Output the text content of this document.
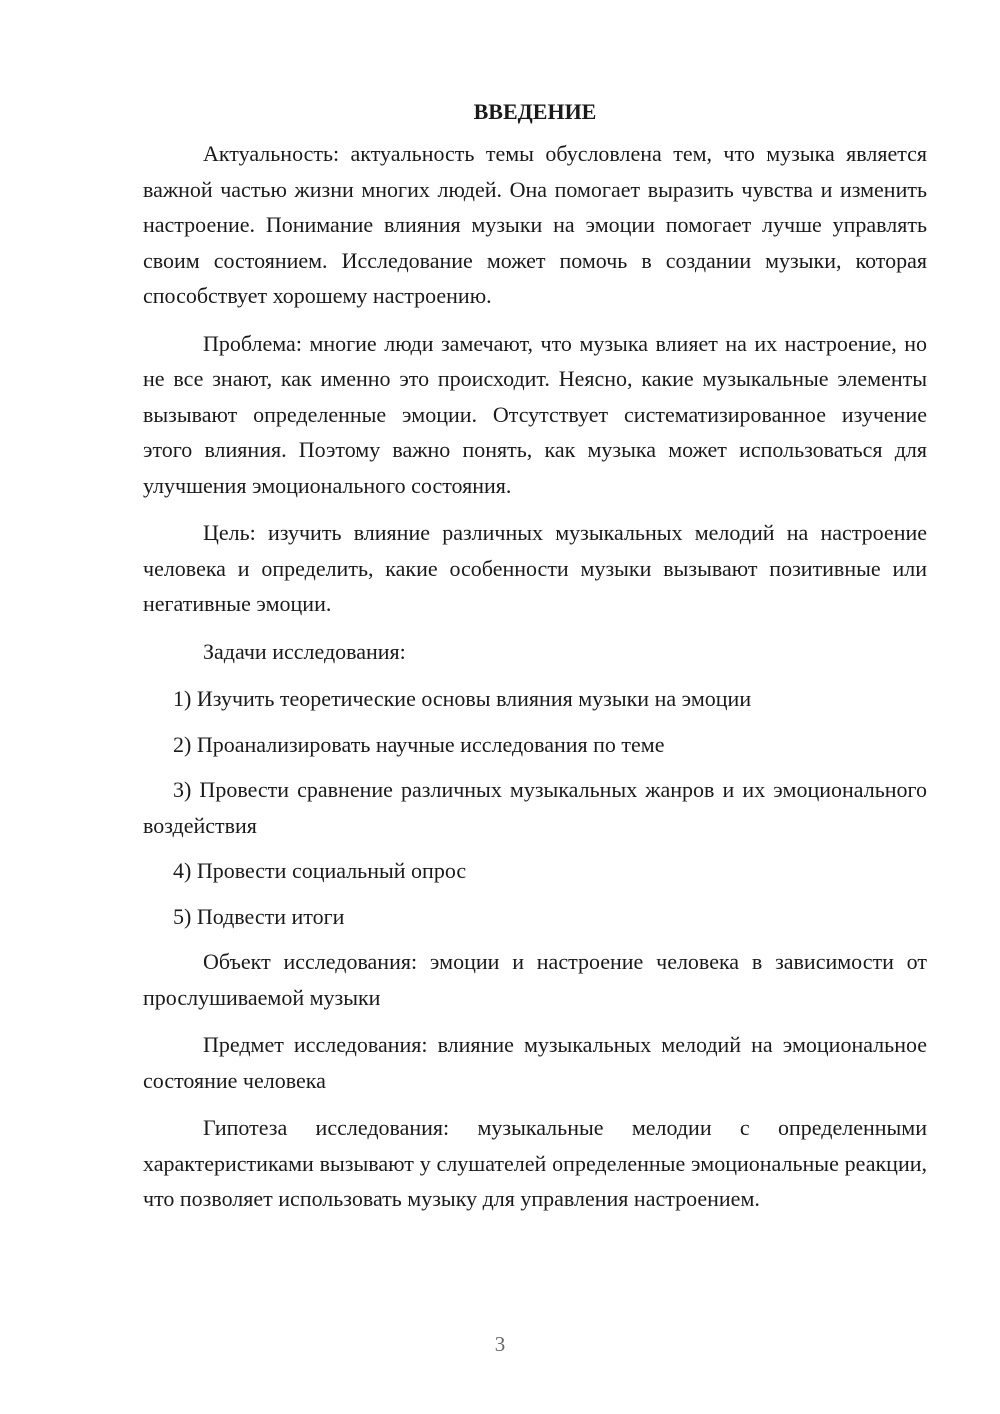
ВВЕДЕНИЕ

Актуальность: актуальность темы обусловлена тем, что музыка является важной частью жизни многих людей. Она помогает выразить чувства и изменить настроение. Понимание влияния музыки на эмоции помогает лучше управлять своим состоянием. Исследование может помочь в создании музыки, которая способствует хорошему настроению.

Проблема: многие люди замечают, что музыка влияет на их настроение, но не все знают, как именно это происходит. Неясно, какие музыкальные элементы вызывают определенные эмоции. Отсутствует систематизированное изучение этого влияния. Поэтому важно понять, как музыка может использоваться для улучшения эмоционального состояния.

Цель: изучить влияние различных музыкальных мелодий на настроение человека и определить, какие особенности музыки вызывают позитивные или негативные эмоции.

Задачи исследования:

1) Изучить теоретические основы влияния музыки на эмоции

2) Проанализировать научные исследования по теме

3) Провести сравнение различных музыкальных жанров и их эмоционального воздействия

4) Провести социальный опрос

5) Подвести итоги

Объект исследования: эмоции и настроение человека в зависимости от прослушиваемой музыки

Предмет исследования: влияние музыкальных мелодий на эмоциональное состояние человека

Гипотеза исследования: музыкальные мелодии с определенными характеристиками вызывают у слушателей определенные эмоциональные реакции, что позволяет использовать музыку для управления настроением.

3
